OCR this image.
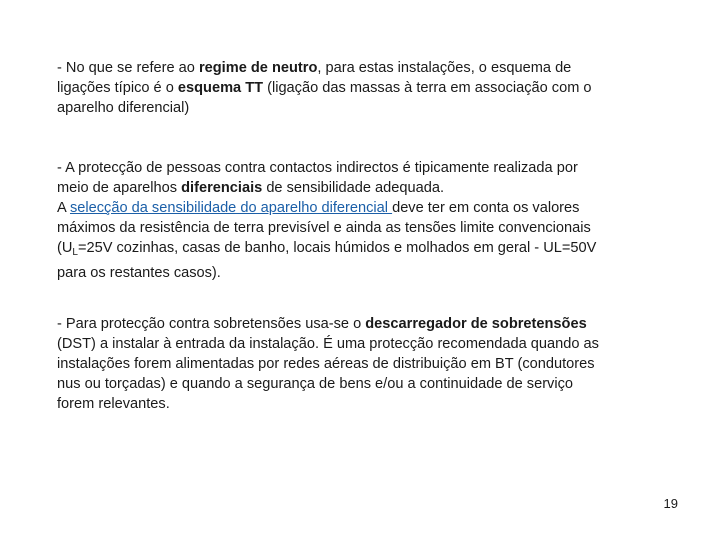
- No que se refere ao regime de neutro, para estas instalações, o esquema de
ligações típico é o esquema TT (ligação das massas à terra em associação com o
aparelho diferencial)

- A protecção de pessoas contra contactos indirectos é tipicamente realizada por
meio de aparelhos diferenciais de sensibilidade adequada.
A selecção da sensibilidade do aparelho diferencial deve ter em conta os valores
máximos da resistência de terra previsível e ainda as tensões limite convencionais
($U_L=25V$ cozinhas, casas de banho, locais húmidos e molhados em geral - UL=50V
para os restantes casos).

- Para protecção contra sobretensões usa-se o descarregador de sobretensões
(DST) a instalar à entrada da instalação. É uma protecção recomendada quando as
instalações forem alimentadas por redes aéreas de distribuição em BT (condutores
nus ou torçadas) e quando a segurança de bens e/ou a continuidade de serviço
forem relevantes.

19
